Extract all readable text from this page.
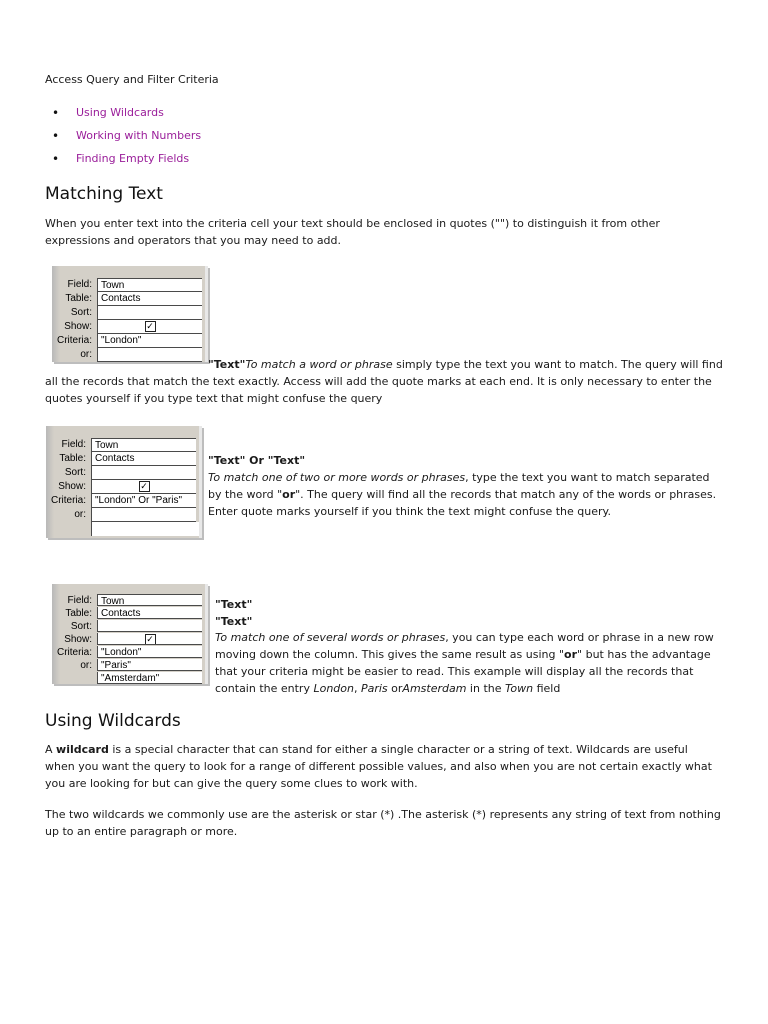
Access Query and Filter Criteria
• Using Wildcards
• Working with Numbers
• Finding Empty Fields
Matching Text

When you enter text into the criteria cell your text should be enclosed in quotes ("") to distinguish it from other expressions and operators that you may need to add.

Field: Town
Table: Contacts
Sort:
Show:	✓
Criteria: "London"
or:

"Text"To match a word or phrase simply type the text you want to match. The query will find all the records that match the text exactly. Access will add the quote marks at each end. It is only necessary to enter the quotes yourself if you type text that might confuse the query

Field: Town
Table: Contacts
Sort:
Show:	✓
Criteria: "London" Or "Paris"
or:
"Text" Or "Text"

To match one of two or more words or phrases, type the text you want to match separated by the word "or". The query will find all the records that match any of the words or phrases. Enter quote marks yourself if you think the text might confuse the query.

Field: Town
Table: Contacts
Sort:
Show:	✓
Criteria: "London"
or: "Paris"
"Amsterdam"
"Text"
"Text"

To match one of several words or phrases, you can type each word or phrase in a new row moving down the column. This gives the same result as using "or" but has the advantage that your criteria might be easier to read. This example will display all the records that contain the entry London, Paris orAmsterdam in the Town field

Using Wildcards

A wildcard is a special character that can stand for either a single character or a string of text. Wildcards are useful when you want the query to look for a range of different possible values, and also when you are not certain exactly what you are looking for but can give the query some clues to work with.

The two wildcards we commonly use are the asterisk or star (*) .The asterisk (*) represents any string of text from nothing up to an entire paragraph or more.
